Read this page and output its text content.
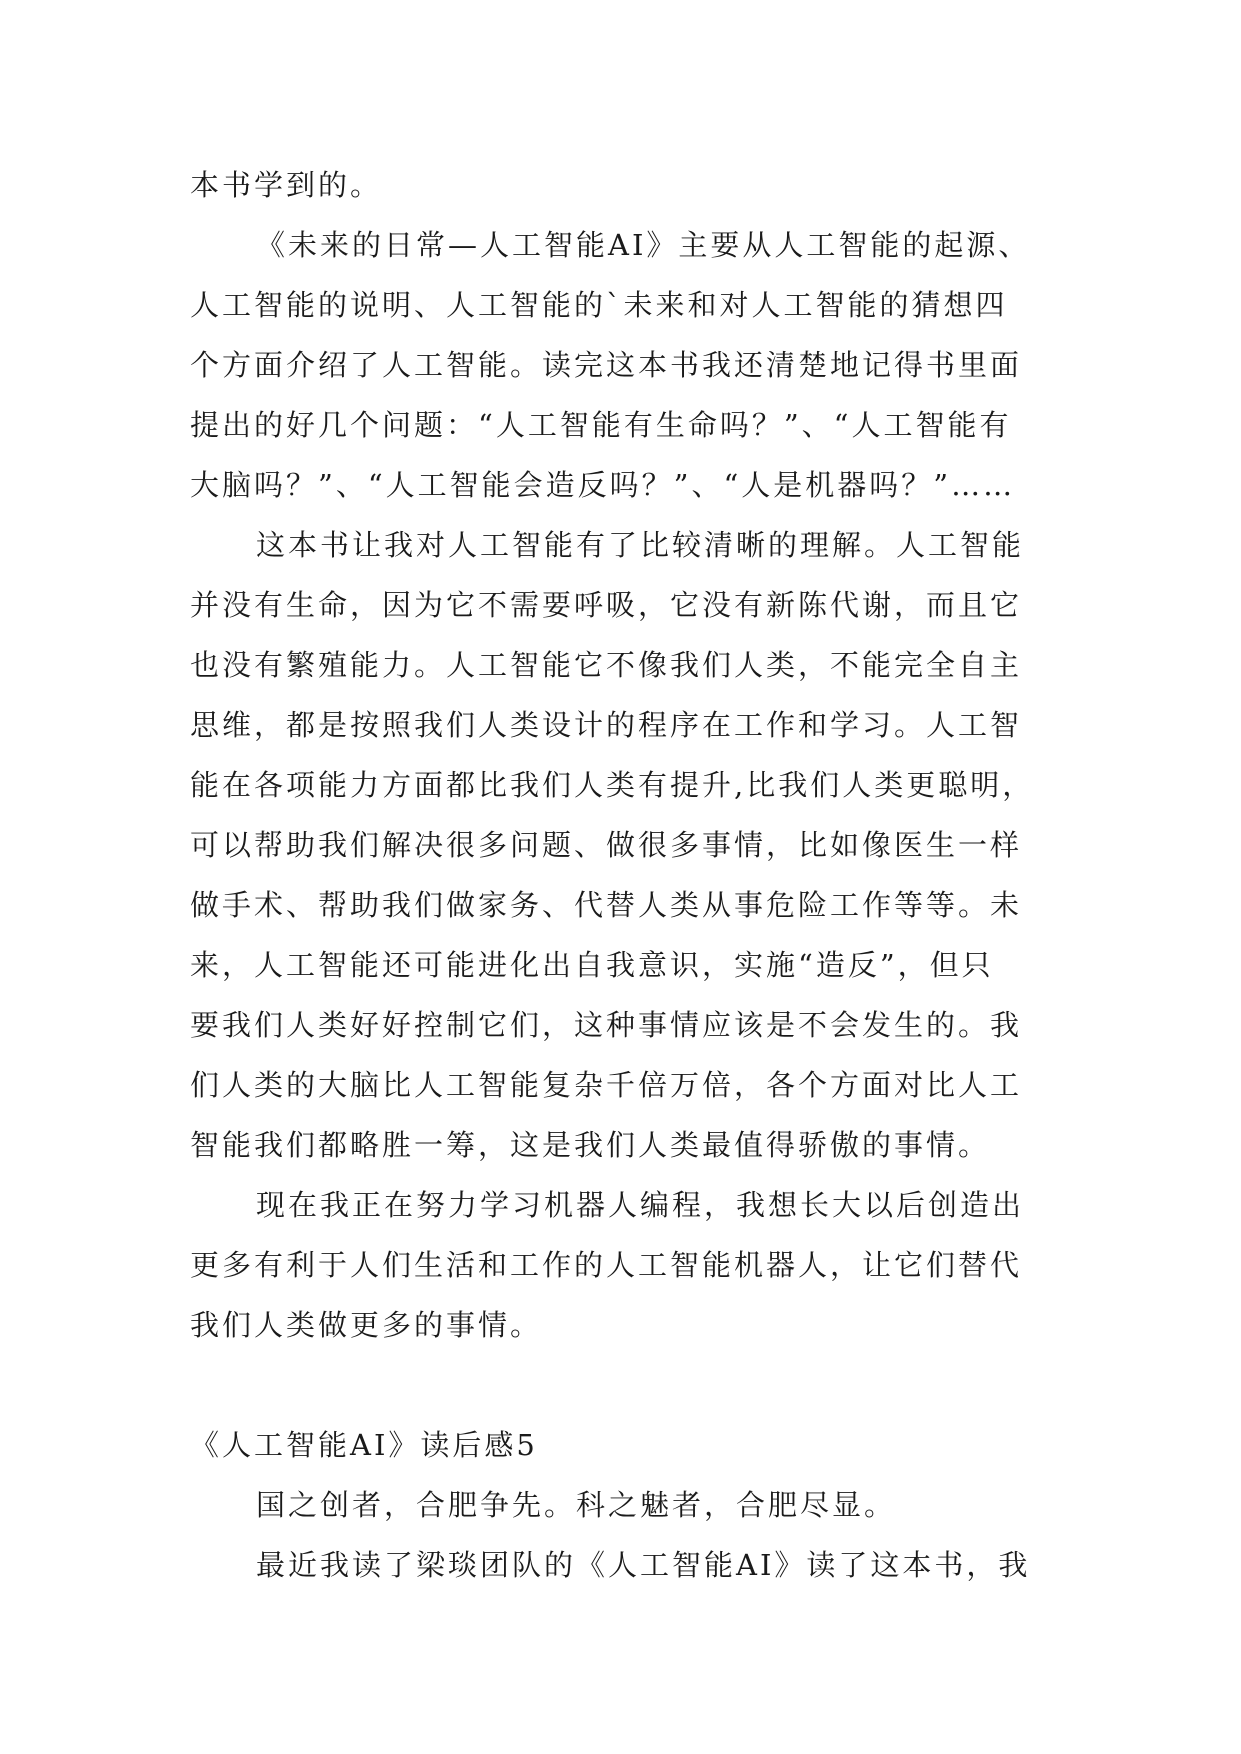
本书学到的。
《未来的日常—人工智能AI》主要从人工智能的起源、
人工智能的说明、人工智能的`未来和对人工智能的猜想四
个方面介绍了人工智能。读完这本书我还清楚地记得书里面
提出的好几个问题：“人工智能有生命吗？”、“人工智能有
大脑吗？”、“人工智能会造反吗？”、“人是机器吗？”……
这本书让我对人工智能有了比较清晰的理解。人工智能
并没有生命，因为它不需要呼吸，它没有新陈代谢，而且它
也没有繁殖能力。人工智能它不像我们人类，不能完全自主
思维，都是按照我们人类设计的程序在工作和学习。人工智
能在各项能力方面都比我们人类有提升,比我们人类更聪明，
可以帮助我们解决很多问题、做很多事情，比如像医生一样
做手术、帮助我们做家务、代替人类从事危险工作等等。未
来，人工智能还可能进化出自我意识，实施“造反”，但只
要我们人类好好控制它们，这种事情应该是不会发生的。我
们人类的大脑比人工智能复杂千倍万倍，各个方面对比人工
智能我们都略胜一筹，这是我们人类最值得骄傲的事情。
现在我正在努力学习机器人编程，我想长大以后创造出
更多有利于人们生活和工作的人工智能机器人，让它们替代
我们人类做更多的事情。
《人工智能AI》读后感5
国之创者，合肥争先。科之魅者，合肥尽显。
最近我读了梁琰团队的《人工智能AI》读了这本书，我
